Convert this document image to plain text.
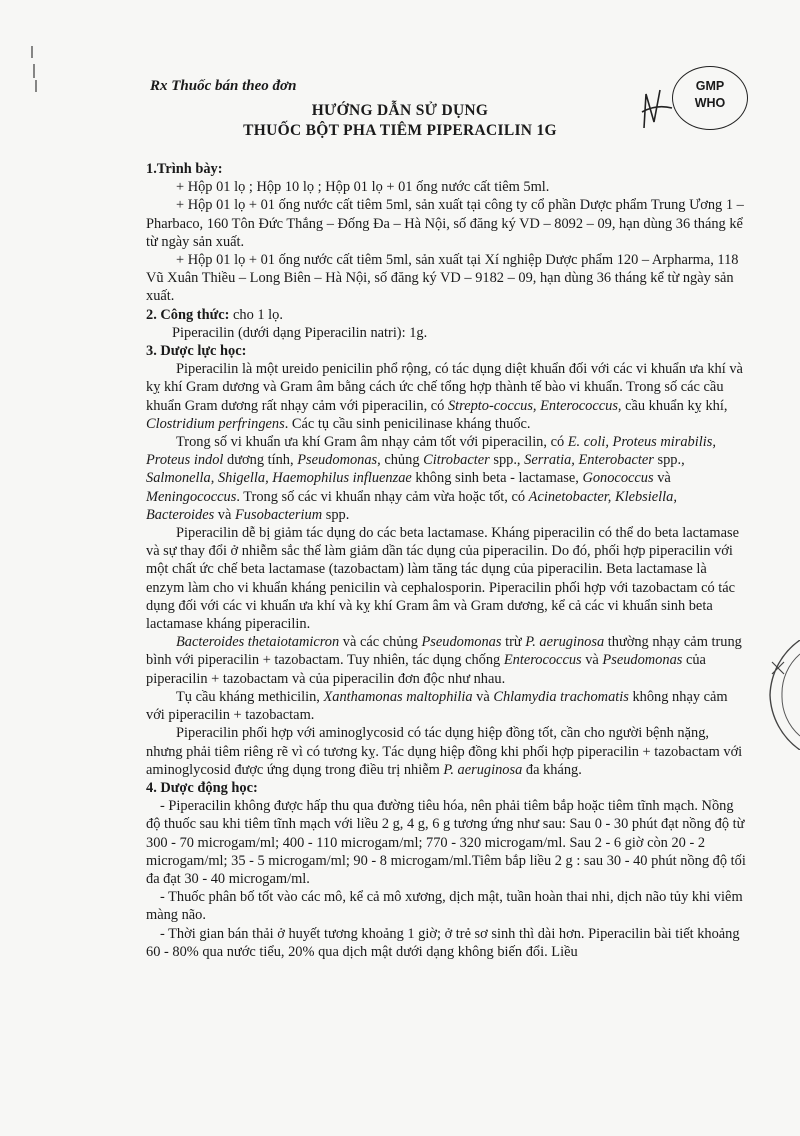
Rx Thuốc bán theo đơn
HƯỚNG DẪN SỬ DỤNG
THUỐC BỘT PHA TIÊM PIPERACILIN 1G
GMP
WHO

1.Trình bày:

+ Hộp 01 lọ ; Hộp 10 lọ ; Hộp 01 lọ + 01 ống nước cất tiêm 5ml.

+ Hộp 01 lọ + 01 ống nước cất tiêm 5ml, sản xuất tại công ty cổ phần Dược phẩm Trung Ương 1 – Pharbaco, 160 Tôn Đức Thắng – Đống Đa – Hà Nội, số đăng ký VD – 8092 – 09, hạn dùng 36 tháng kể từ ngày sản xuất.

+ Hộp 01 lọ + 01 ống nước cất tiêm 5ml, sản xuất tại Xí nghiệp Dược phẩm 120 – Arpharma, 118 Vũ Xuân Thiều – Long Biên – Hà Nội, số đăng ký VD – 9182 – 09, hạn dùng 36 tháng kể từ ngày sản xuất.

2. Công thức: cho 1 lọ.

Piperacilin (dưới dạng Piperacilin natri): 1g.

3. Dược lực học:

Piperacilin là một ureido penicilin phổ rộng, có tác dụng diệt khuẩn đối với các vi khuẩn ưa khí và kỵ khí Gram dương và Gram âm bằng cách ức chế tổng hợp thành tế bào vi khuẩn. Trong số các cầu khuẩn Gram dương rất nhạy cảm với piperacilin, có Strepto-coccus, Enterococcus, cầu khuẩn kỵ khí, Clostridium perfringens. Các tụ cầu sinh penicilinase kháng thuốc.

Trong số vi khuẩn ưa khí Gram âm nhạy cảm tốt với piperacilin, có E. coli, Proteus mirabilis, Proteus indol dương tính, Pseudomonas, chủng Citrobacter spp., Serratia, Enterobacter spp., Salmonella, Shigella, Haemophilus influenzae không sinh beta - lactamase, Gonococcus và Meningococcus. Trong số các vi khuẩn nhạy cảm vừa hoặc tốt, có Acinetobacter, Klebsiella, Bacteroides và Fusobacterium spp.

Piperacilin dễ bị giảm tác dụng do các beta lactamase. Kháng piperacilin có thể do beta lactamase và sự thay đổi ở nhiễm sắc thể làm giảm dần tác dụng của piperacilin. Do đó, phối hợp piperacilin với một chất ức chế beta lactamase (tazobactam) làm tăng tác dụng của piperacilin. Beta lactamase là enzym làm cho vi khuẩn kháng penicilin và cephalosporin. Piperacilin phối hợp với tazobactam có tác dụng đối với các vi khuẩn ưa khí và kỵ khí Gram âm và Gram dương, kể cả các vi khuẩn sinh beta lactamase kháng piperacilin.

Bacteroides thetaiotamicron và các chủng Pseudomonas trừ P. aeruginosa thường nhạy cảm trung bình với piperacilin + tazobactam. Tuy nhiên, tác dụng chống Enterococcus và Pseudomonas của piperacilin + tazobactam và của piperacilin đơn độc như nhau.

Tụ cầu kháng methicilin, Xanthamonas maltophilia và Chlamydia trachomatis không nhạy cảm với piperacilin + tazobactam.

Piperacilin phối hợp với aminoglycosid có tác dụng hiệp đồng tốt, cần cho người bệnh nặng, nhưng phải tiêm riêng rẽ vì có tương kỵ. Tác dụng hiệp đồng khi phối hợp piperacilin + tazobactam với aminoglycosid được ứng dụng trong điều trị nhiễm P. aeruginosa đa kháng.

4. Dược động học:

- Piperacilin không được hấp thu qua đường tiêu hóa, nên phải tiêm bắp hoặc tiêm tĩnh mạch. Nồng độ thuốc sau khi tiêm tĩnh mạch với liều 2 g, 4 g, 6 g tương ứng như sau: Sau 0 - 30 phút đạt nồng độ từ 300 - 70 microgam/ml; 400 - 110 microgam/ml; 770 - 320 microgam/ml. Sau 2 - 6 giờ còn 20 - 2 microgam/ml; 35 - 5 microgam/ml; 90 - 8 microgam/ml.Tiêm bắp liều 2 g : sau 30 - 40 phút nồng độ tối đa đạt 30 - 40 microgam/ml.

- Thuốc phân bố tốt vào các mô, kể cả mô xương, dịch mật, tuần hoàn thai nhi, dịch não tủy khi viêm màng não.

- Thời gian bán thải ở huyết tương khoảng 1 giờ; ở trẻ sơ sinh thì dài hơn. Piperacilin bài tiết khoảng 60 - 80% qua nước tiểu, 20% qua dịch mật dưới dạng không biến đổi. Liều
